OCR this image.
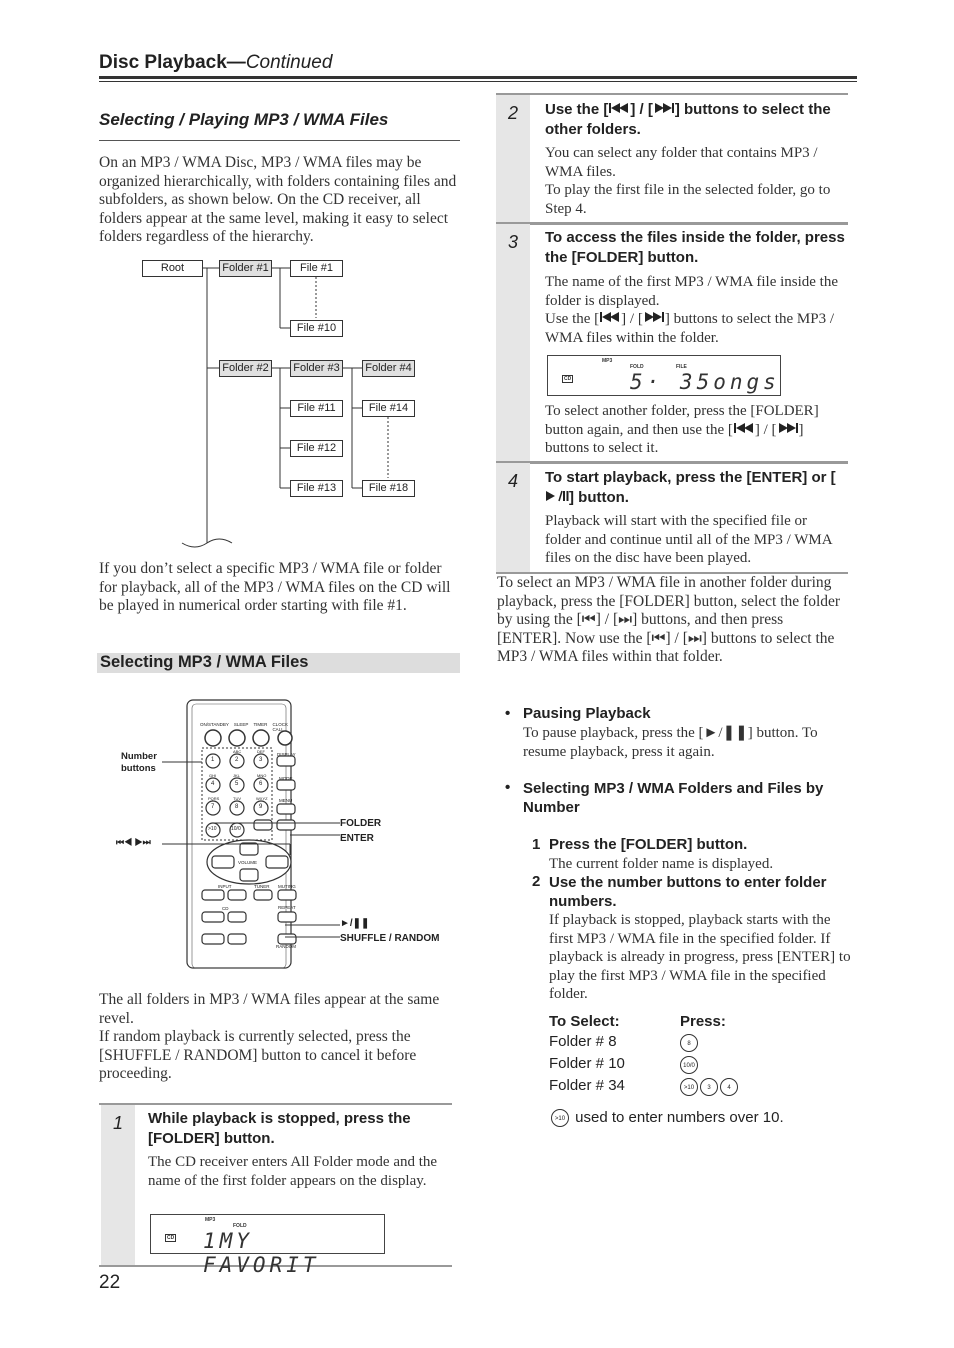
Disc Playback—Continued
Selecting / Playing MP3 / WMA Files
On an MP3 / WMA Disc, MP3 / WMA files may be organized hierarchically, with folders containing files and subfolders, as shown below. On the CD receiver, all folders appear at the same level, making it easy to select folders regardless of the hierarchy.
Root	Folder #1	File #1
File #10
Folder #2 Folder #3 Folder #4
File #11
File #12
File #13
File #14
File #18
If you don’t select a specific MP3 / WMA file or folder for playback, all of the MP3 / WMA files on the CD will be played in numerical order starting with file #1.
Selecting MP3 / WMA Files
ON/STANDBY SLEEP TIMER CLOCK CALL
DISPLAY
MODE
MENU
VOLUME
INPUT	TUNER MUTING
CD	REPEAT
RANDOM
1	2	3
4	5	6
7	8	9
>10	10/0
ABC	DEF
GHI	JKL	MNO
PQRS	TUV	WXYZ
Number
buttons
⏮◀ ▶⏭
FOLDER
ENTER
►/❚❚
SHUFFLE / RANDOM
The all folders in MP3 / WMA files appear at the same revel.
If random playback is currently selected, press the [SHUFFLE / RANDOM] button to cancel it before proceeding.
1	While playback is stopped, press the [FOLDER] button.
The CD receiver enters All Folder mode and the name of the first folder appears on the display.
MP3
FOLD
CD 1MY FAVORIT
22
2	Use the [ ] / [ ] buttons to select the other folders.
You can select any folder that contains MP3 / WMA files.
To play the first file in the selected folder, go to Step 4.
3	To access the files inside the folder, press the [FOLDER] button.
The name of the first MP3 / WMA file inside the folder is displayed.
Use the [ ] / [ ] buttons to select the MP3 / WMA files within the folder.
MP3
FOLD	FILE
CD	5· 35ongs
To select another folder, press the [FOLDER] button again, and then use the [ ] / [ ] buttons to select it.
4	To start playback, press the [ENTER] or [] button.
Playback will start with the specified file or folder and continue until all of the MP3 / WMA files on the disc have been played.
To select an MP3 / WMA file in another folder during playback, press the [FOLDER] button, select the folder by using the [⏮] / [⏭] buttons, and then press [ENTER]. Now use the [⏮] / [⏭] buttons to select the MP3 / WMA files within that folder.
• Pausing Playback
To pause playback, press the [►/❚❚] button. To resume playback, press it again.
• Selecting MP3 / WMA Folders and Files by Number
1 Press the [FOLDER] button.
The current folder name is displayed.
2 Use the number buttons to enter folder numbers.
If playback is stopped, playback starts with the first MP3 / WMA file in the specified folder. If playback is already in progress, press [ENTER] to play the first MP3 / WMA file in the specified folder.
To Select:	Press:
Folder # 8	8
Folder # 10	10/0
Folder # 34	>10 3	4
>10 used to enter numbers over 10.
